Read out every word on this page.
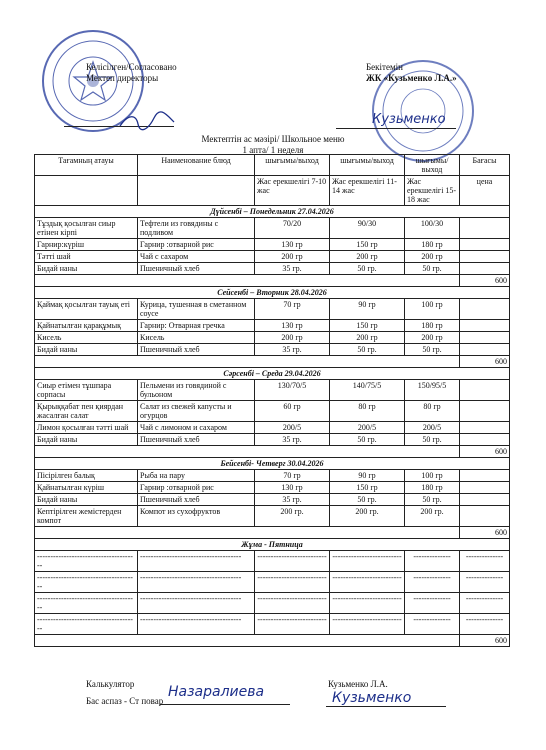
Келісілген/Согласовано
Мектеп директоры
Бекітемін
ЖК «Кузьменко Л.А.»
Кузьменко
Мектептін ас мәзірі/ Школьное меню
1 апта/ 1 неделя
Тағамның атауы	Наименование блюд	шығымы/выход	шығымы/выход	шығымы/ выход	Бағасы
		Жас ерекшелігі 7-10 жас	Жас ерекшелігі 11-14 жас	Жас ерекшелігі 15-18 жас	цена
Дүйсенбі – Понедельник 27.04.2026					
Тұздық қосылған сиыр етінен кірпі	Тефтели из говядины с подливом	70/20	90/30	100/30	
Гарнир:күріш	Гарнир :отварной рис	130 гр	150 гр	180 гр	
Тәтті шай	Чай с сахаром	200 гр	200 гр	200 гр	
Бидай наны	Пшеничный хлеб	35 гр.	50 гр.	50 гр.	
					600
Сейсенбі – Вторник 28.04.2026					
Қаймақ қосылған тауық еті	Курица, тушенная в сметанном соусе	70 гр	90 гр	100 гр	
Қайнатылған қарақұмық	Гарнир: Отварная гречка	130 гр	150 гр	180 гр	
Кисель	Кисель	200 гр	200 гр	200 гр	
Бидай наны	Пшеничный хлеб	35 гр.	50 гр.	50 гр.	
					600
Сәрсенбі – Среда 29.04.2026					
Сиыр етімен тұшпара сорпасы	Пельмени из говядиной с бульоном	130/70/5	140/75/5	150/95/5	
Қырыққабат пен қиярдан жасалған салат	Салат из свежей капусты и огурцов	60 гр	80 гр	80 гр	
Лимон қосылған тәтті шай	Чай с лимоном и сахаром	200/5	200/5	200/5	
Бидай наны	Пшеничный хлеб	35 гр.	50 гр.	50 гр.	
					600
Бейсенбі- Четверг 30.04.2026					
Пісірілген балық	Рыба на пару	70 гр	90 гр	100 гр	
Қайнатылған күріш	Гарнир :отварной рис	130 гр	150 гр	180 гр	
Бидай наны	Пшеничный хлеб	35 гр.	50 гр.	50 гр.	
Кептірілген жемістерден компот	Компот из сухофруктов	200 гр.	200 гр.	200 гр.	
					600
Жұма - Пятница					
--------------------------------------	--------------------------------------	--------------------------	--------------------------	--------------	--------------
--------------------------------------	--------------------------------------	--------------------------	--------------------------	--------------	--------------
--------------------------------------	--------------------------------------	--------------------------	--------------------------	--------------	--------------
--------------------------------------	--------------------------------------	--------------------------	--------------------------	--------------	--------------
					600
Калькулятор
Бас аспаз - Ст повар
Назаралиева	Кузьменко Л.А.
Кузьменко
